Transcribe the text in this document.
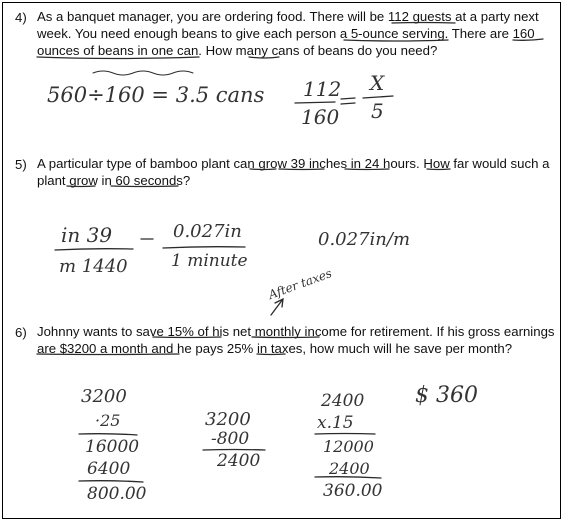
4) As a banquet manager, you are ordering food. There will be 112 guests at a party next
week. You need enough beans to give each person a 5-ounce serving. There are 160
ounces of beans in one can. How many cans of beans do you need?
560÷160 = 3.5 cans 112
160
X
5
5) A particular type of bamboo plant can grow 39 inches in 24 hours. How far would such a
plant grow in 60 seconds?
in 39
m 1440
0.027in
1 minute
0.027in/m
After taxes
6) Johnny wants to save 15% of his net monthly income for retirement. If his gross earnings
are $3200 a month and he pays 25% in taxes, how much will he save per month?
3200
·25
16000
6400
800.00
3200
-800
2400
2400
x.15
12000
2400
360.00
$ 360
